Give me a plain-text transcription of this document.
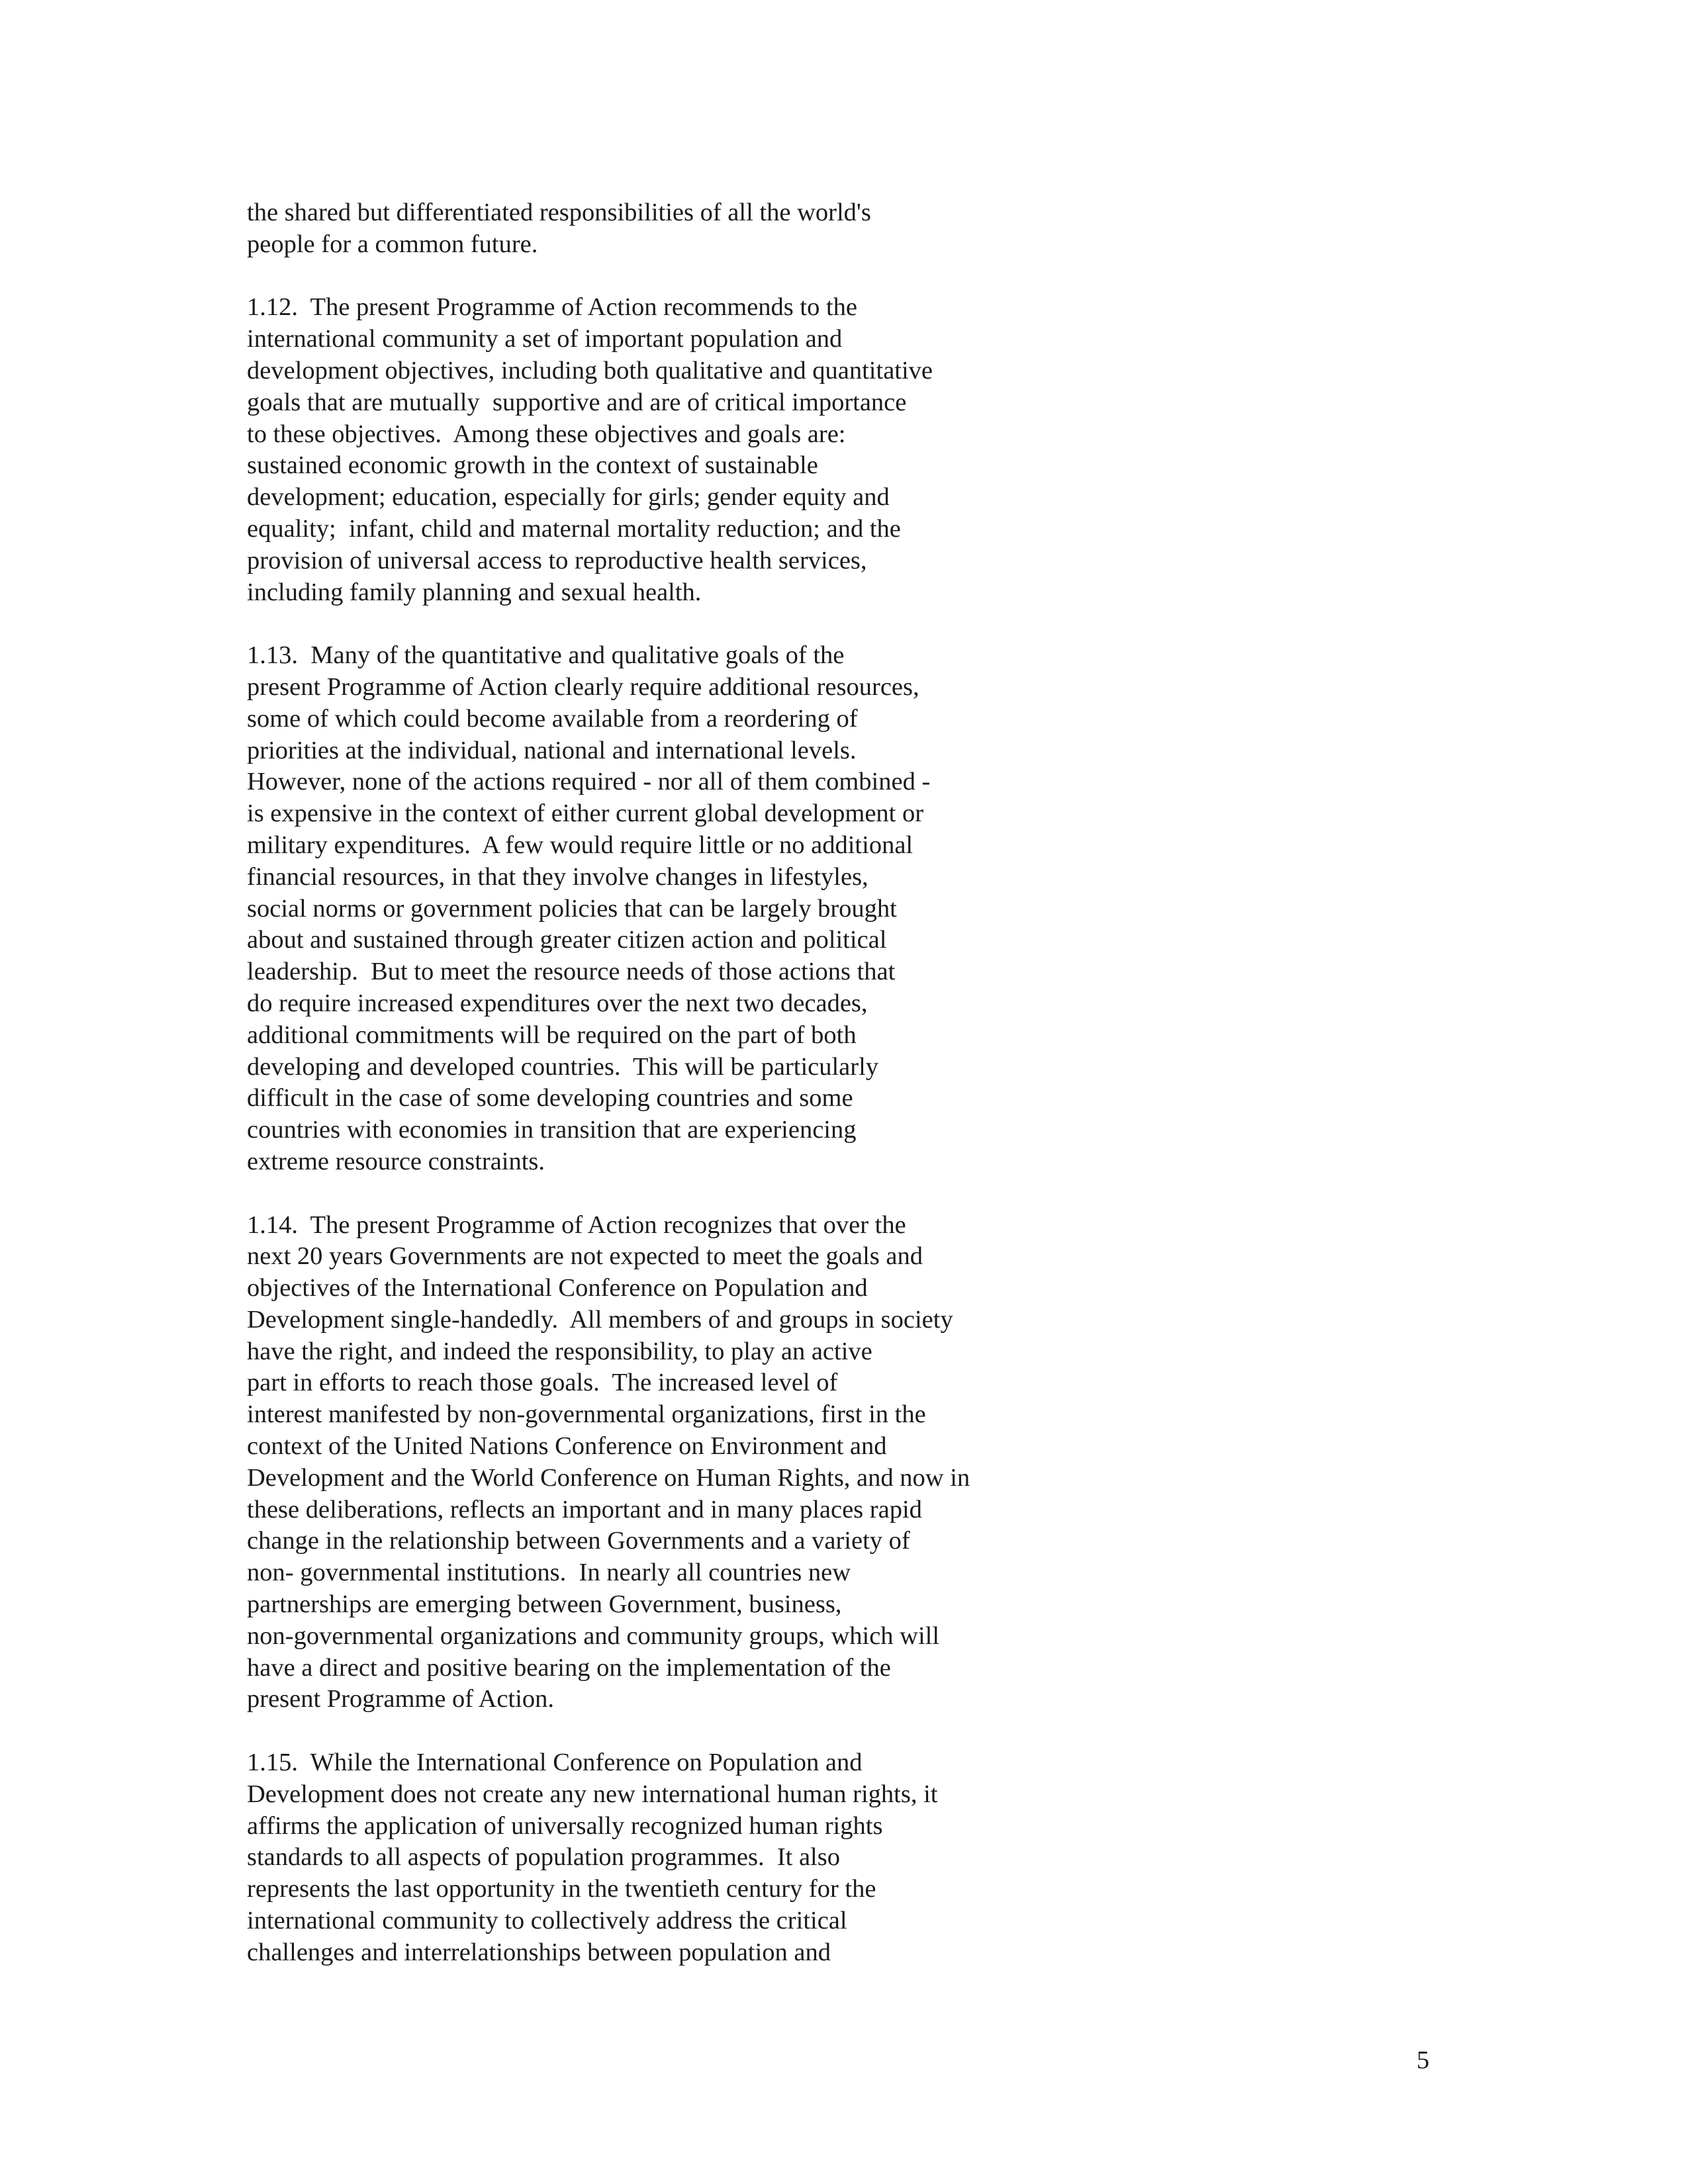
the shared but differentiated responsibilities of all the world's
people for a common future.
1.12.  The present Programme of Action recommends to the
international community a set of important population and
development objectives, including both qualitative and quantitative
goals that are mutually  supportive and are of critical importance
to these objectives.  Among these objectives and goals are:
sustained economic growth in the context of sustainable
development; education, especially for girls; gender equity and
equality;  infant, child and maternal mortality reduction; and the
provision of universal access to reproductive health services,
including family planning and sexual health.
1.13.  Many of the quantitative and qualitative goals of the
present Programme of Action clearly require additional resources,
some of which could become available from a reordering of
priorities at the individual, national and international levels.
However, none of the actions required - nor all of them combined -
is expensive in the context of either current global development or
military expenditures.  A few would require little or no additional
financial resources, in that they involve changes in lifestyles,
social norms or government policies that can be largely brought
about and sustained through greater citizen action and political
leadership.  But to meet the resource needs of those actions that
do require increased expenditures over the next two decades,
additional commitments will be required on the part of both
developing and developed countries.  This will be particularly
difficult in the case of some developing countries and some
countries with economies in transition that are experiencing
extreme resource constraints.
1.14.  The present Programme of Action recognizes that over the
next 20 years Governments are not expected to meet the goals and
objectives of the International Conference on Population and
Development single-handedly.  All members of and groups in society
have the right, and indeed the responsibility, to play an active
part in efforts to reach those goals.  The increased level of
interest manifested by non-governmental organizations, first in the
context of the United Nations Conference on Environment and
Development and the World Conference on Human Rights, and now in
these deliberations, reflects an important and in many places rapid
change in the relationship between Governments and a variety of
non- governmental institutions.  In nearly all countries new
partnerships are emerging between Government, business,
non-governmental organizations and community groups, which will
have a direct and positive bearing on the implementation of the
present Programme of Action.
1.15.  While the International Conference on Population and
Development does not create any new international human rights, it
affirms the application of universally recognized human rights
standards to all aspects of population programmes.  It also
represents the last opportunity in the twentieth century for the
international community to collectively address the critical
challenges and interrelationships between population and
5
